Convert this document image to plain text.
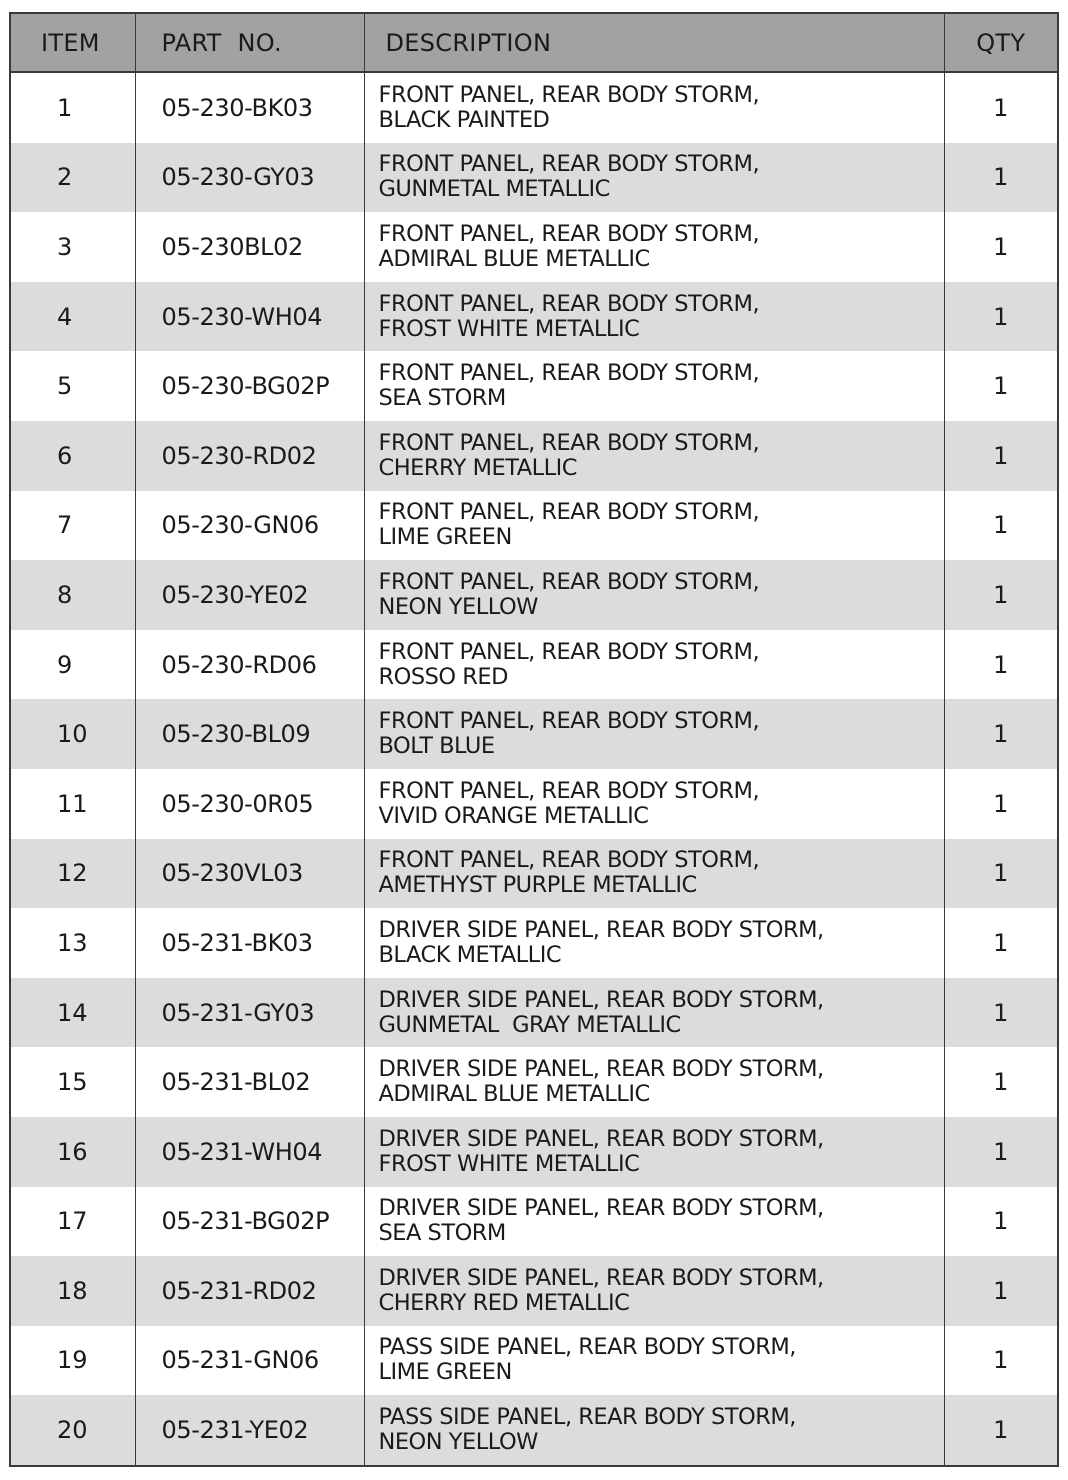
ITEM	PART  NO.	DESCRIPTION	QTY
1	05-230-BK03	FRONT PANEL, REAR BODY STORM,
BLACK PAINTED	1
2	05-230-GY03	FRONT PANEL, REAR BODY STORM,
GUNMETAL METALLIC	1
3	05-230BL02	FRONT PANEL, REAR BODY STORM,
ADMIRAL BLUE METALLIC	1
4	05-230-WH04	FRONT PANEL, REAR BODY STORM,
FROST WHITE METALLIC	1
5	05-230-BG02P	FRONT PANEL, REAR BODY STORM,
SEA STORM	1
6	05-230-RD02	FRONT PANEL, REAR BODY STORM,
CHERRY METALLIC	1
7	05-230-GN06	FRONT PANEL, REAR BODY STORM,
LIME GREEN	1
8	05-230-YE02	FRONT PANEL, REAR BODY STORM,
NEON YELLOW	1
9	05-230-RD06	FRONT PANEL, REAR BODY STORM,
ROSSO RED	1
10	05-230-BL09	FRONT PANEL, REAR BODY STORM,
BOLT BLUE	1
11	05-230-0R05	FRONT PANEL, REAR BODY STORM,
VIVID ORANGE METALLIC	1
12	05-230VL03	FRONT PANEL, REAR BODY STORM,
AMETHYST PURPLE METALLIC	1
13	05-231-BK03	DRIVER SIDE PANEL, REAR BODY STORM,
BLACK METALLIC	1
14	05-231-GY03	DRIVER SIDE PANEL, REAR BODY STORM,
GUNMETAL  GRAY METALLIC	1
15	05-231-BL02	DRIVER SIDE PANEL, REAR BODY STORM,
ADMIRAL BLUE METALLIC	1
16	05-231-WH04	DRIVER SIDE PANEL, REAR BODY STORM,
FROST WHITE METALLIC	1
17	05-231-BG02P	DRIVER SIDE PANEL, REAR BODY STORM,
SEA STORM	1
18	05-231-RD02	DRIVER SIDE PANEL, REAR BODY STORM,
CHERRY RED METALLIC	1
19	05-231-GN06	PASS SIDE PANEL, REAR BODY STORM,
LIME GREEN	1
20	05-231-YE02	PASS SIDE PANEL, REAR BODY STORM,
NEON YELLOW	1
